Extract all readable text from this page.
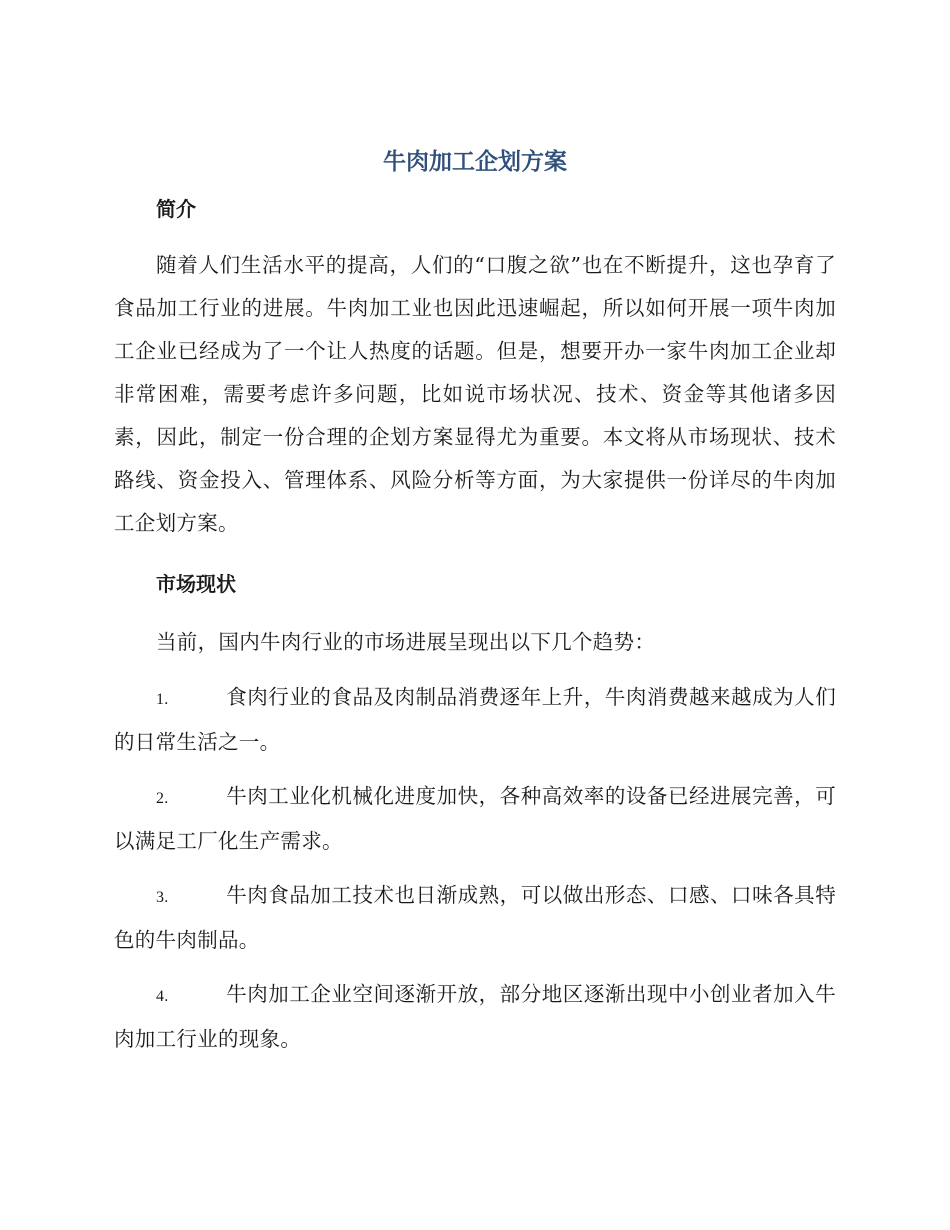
牛肉加工企划方案
简介

随着人们生活水平的提高，人们的“口腹之欲”也在不断提升，这也孕育了食品加工行业的进展。牛肉加工业也因此迅速崛起，所以如何开展一项牛肉加工企业已经成为了一个让人热度的话题。但是，想要开办一家牛肉加工企业却非常困难，需要考虑许多问题，比如说市场状况、技术、资金等其他诸多因素，因此，制定一份合理的企划方案显得尤为重要。本文将从市场现状、技术路线、资金投入、管理体系、风险分析等方面，为大家提供一份详尽的牛肉加工企划方案。

市场现状

当前，国内牛肉行业的市场进展呈现出以下几个趋势：

1.	食肉行业的食品及肉制品消费逐年上升，牛肉消费越来越成为人们的日常生活之一。

2.	牛肉工业化机械化进度加快，各种高效率的设备已经进展完善，可以满足工厂化生产需求。

3.	牛肉食品加工技术也日渐成熟，可以做出形态、口感、口味各具特色的牛肉制品。

4.	牛肉加工企业空间逐渐开放，部分地区逐渐出现中小创业者加入牛肉加工行业的现象。
